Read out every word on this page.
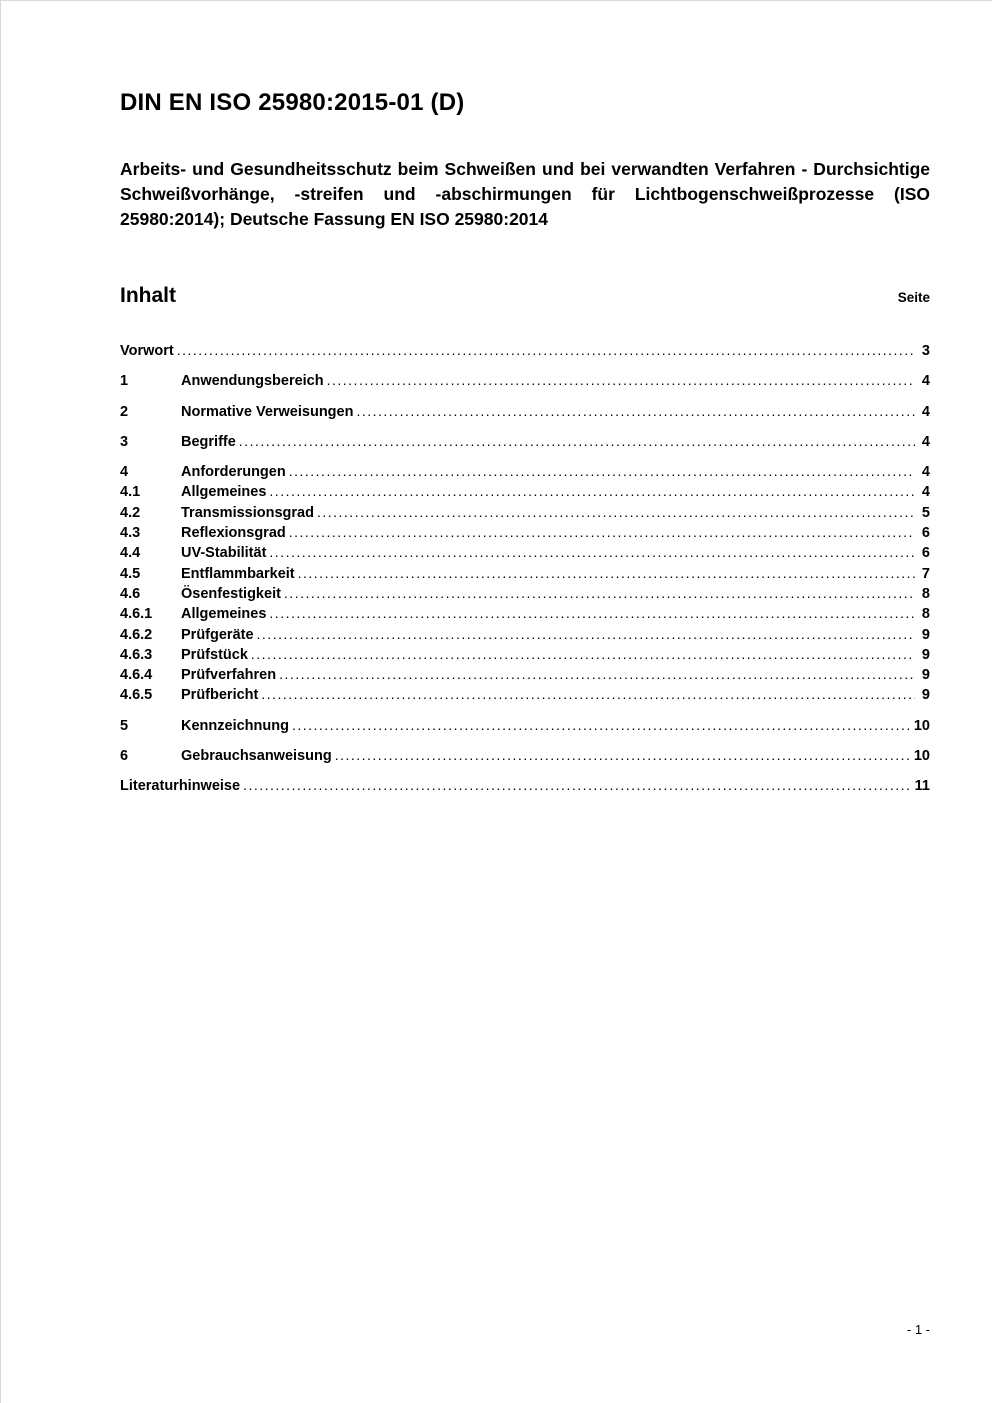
DIN EN ISO 25980:2015-01 (D)

Arbeits- und Gesundheitsschutz beim Schweißen und bei verwandten Verfahren - Durchsichtige Schweißvorhänge, -streifen und -abschirmungen für Lichtbogenschweißprozesse (ISO 25980:2014); Deutsche Fassung EN ISO 25980:2014

Inhalt	Seite
Vorwort .....	3
1	Anwendungsbereich .....	4
2	Normative Verweisungen .....	4
3	Begriffe .....	4
4	Anforderungen .....	4
4.1	Allgemeines .....	4
4.2	Transmissionsgrad .....	5
4.3	Reflexionsgrad .....	6
4.4	UV-Stabilität .....	6
4.5	Entflammbarkeit .....	7
4.6	Ösenfestigkeit .....	8
4.6.1	Allgemeines .....	8
4.6.2	Prüfgeräte .....	9
4.6.3	Prüfstück .....	9
4.6.4	Prüfverfahren .....	9
4.6.5	Prüfbericht .....	9
5	Kennzeichnung .....	10
6	Gebrauchsanweisung .....	10
Literaturhinweise .....	11
- 1 -
